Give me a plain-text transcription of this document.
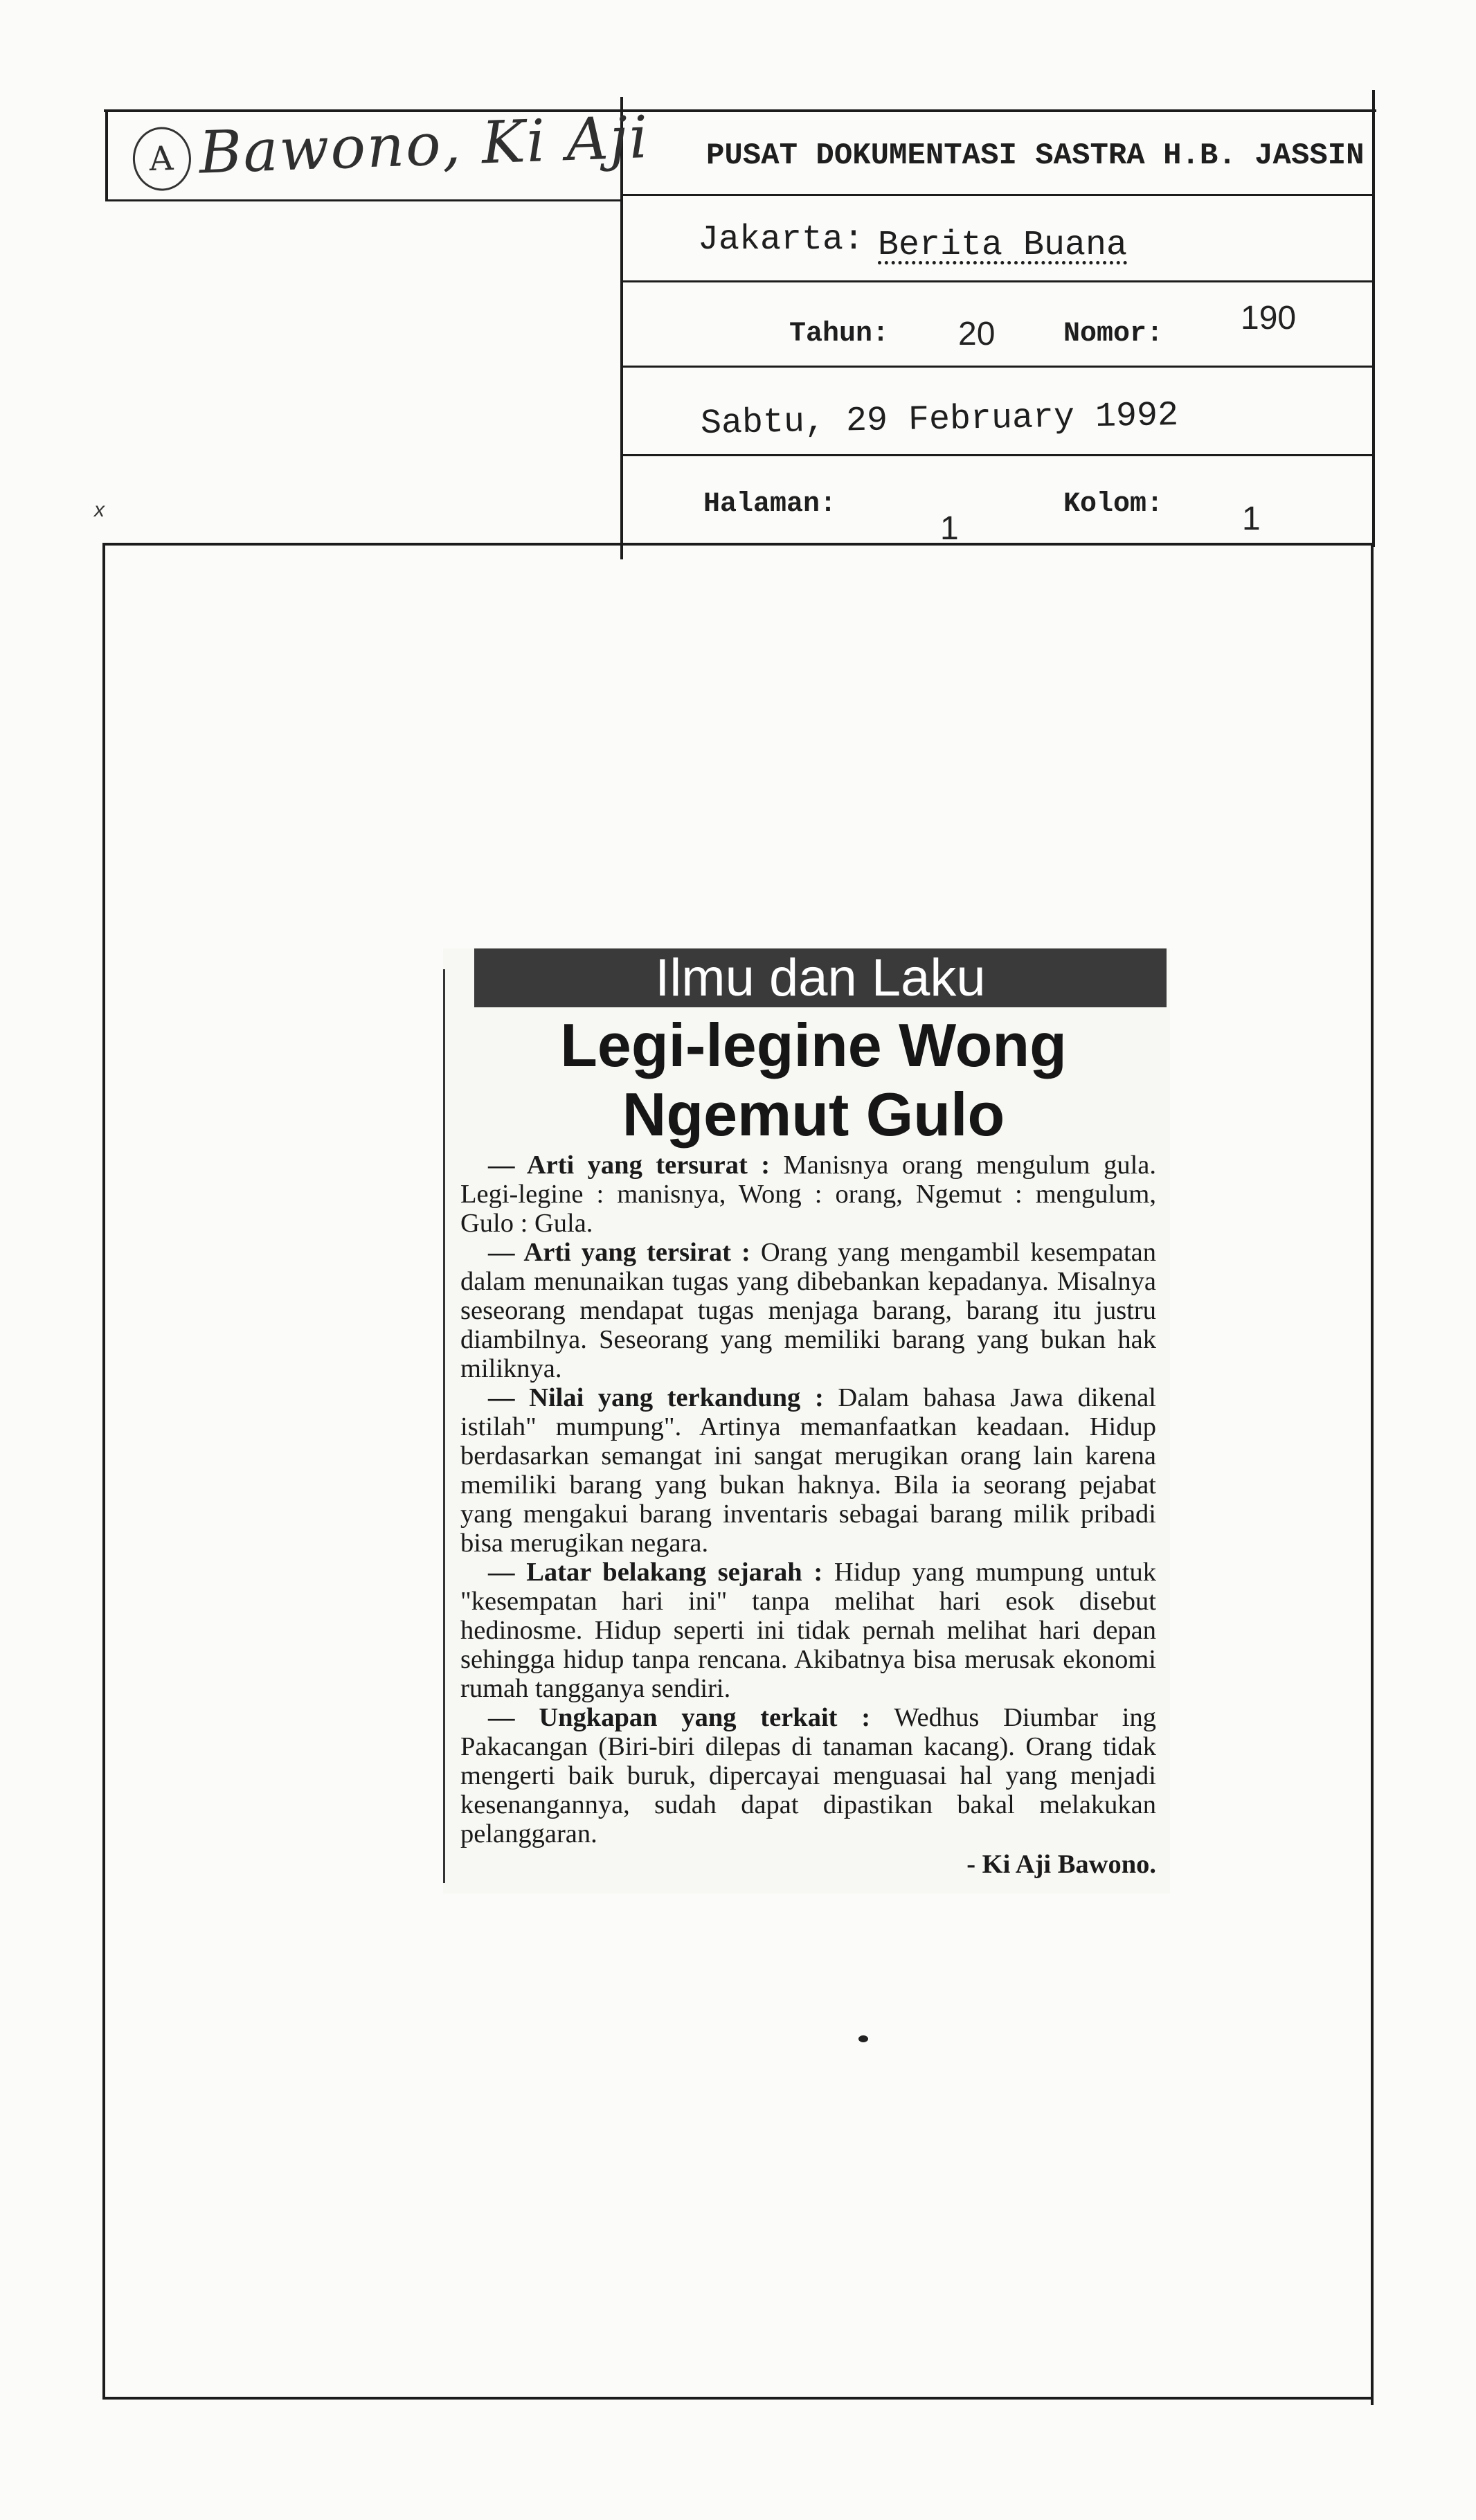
A Bawono, Ki Aji PUSAT DOKUMENTASI SASTRA H.B. JASSIN
Jakarta: Berita Buana
Tahun: 20 Nomor: 190
Sabtu, 29 February 1992
Halaman:
1
Kolom: 1
x
Ilmu dan Laku
Legi-legine Wong
Ngemut Gulo

— Arti yang tersurat : Manisnya orang mengulum gula. Legi-legine : manisnya, Wong : orang, Ngemut : mengulum, Gulo : Gula.

— Arti yang tersirat : Orang yang mengambil kesempatan dalam menunaikan tugas yang dibebankan kepadanya. Misalnya seseorang mendapat tugas menjaga barang, barang itu justru diambilnya. Seseorang yang memiliki barang yang bukan hak miliknya.

— Nilai yang terkandung : Dalam bahasa Jawa dikenal istilah" mumpung". Artinya memanfaatkan keadaan. Hidup berdasarkan semangat ini sangat merugikan orang lain karena memiliki barang yang bukan haknya. Bila ia seorang pejabat yang mengakui barang inventaris sebagai barang milik pribadi bisa merugikan negara.

— Latar belakang sejarah : Hidup yang mumpung untuk "kesempatan hari ini" tanpa melihat hari esok disebut hedinosme. Hidup seperti ini tidak pernah melihat hari depan sehingga hidup tanpa rencana. Akibatnya bisa merusak ekonomi rumah tangganya sendiri.

— Ungkapan yang terkait : Wedhus Diumbar ing Pakacangan (Biri-biri dilepas di tanaman kacang). Orang tidak mengerti baik buruk, dipercayai menguasai hal yang menjadi kesenangannya, sudah dapat dipastikan bakal melakukan pelanggaran.

- Ki Aji Bawono.
